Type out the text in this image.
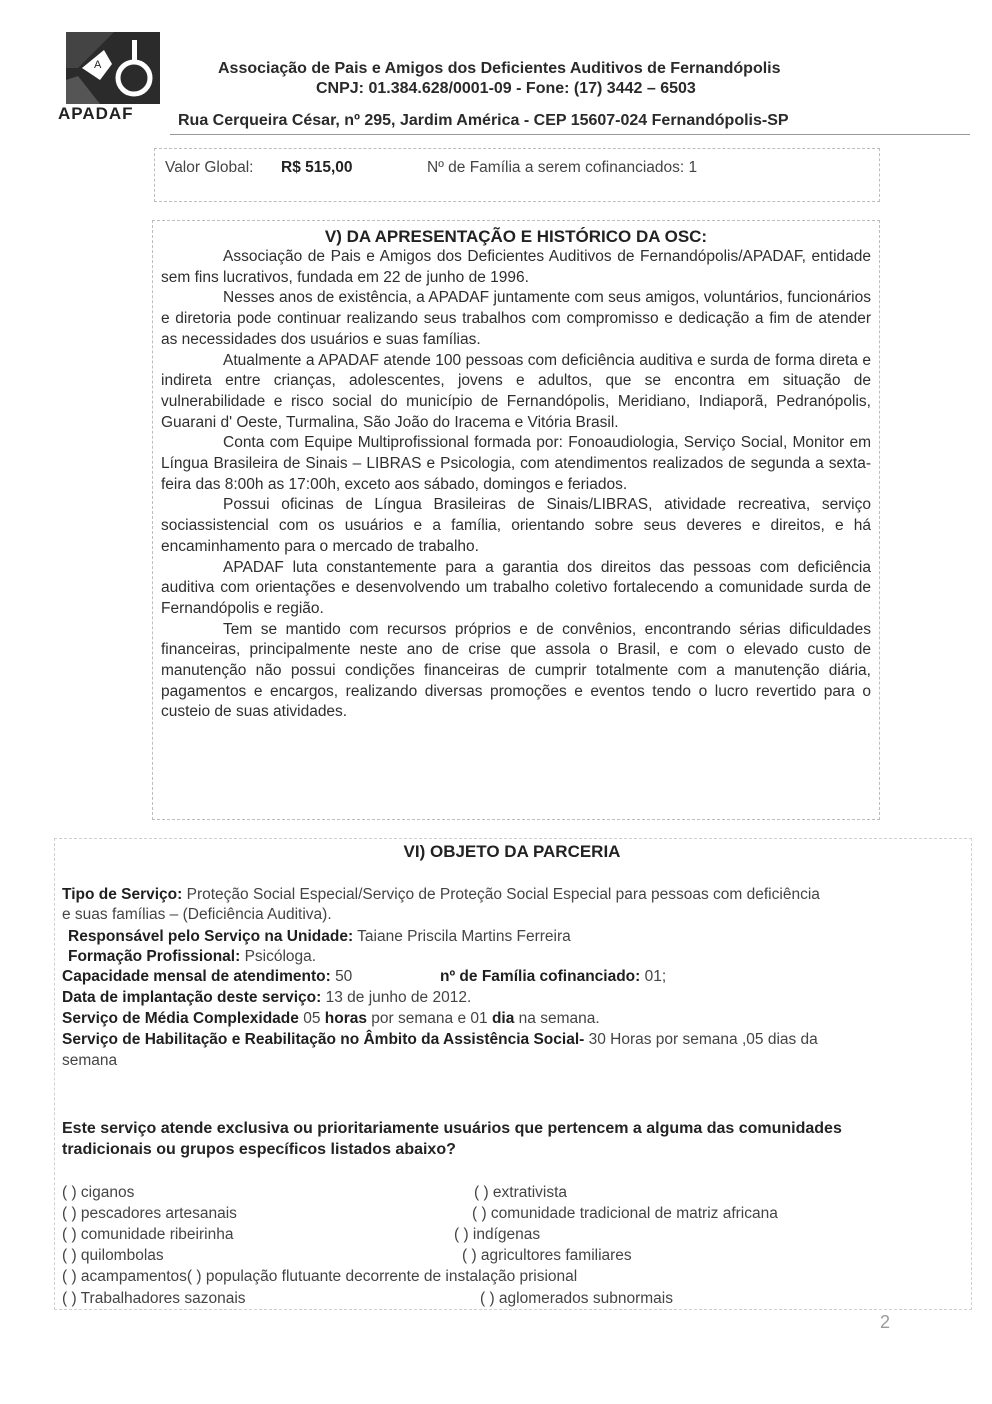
A
APADAF
Associação de Pais e Amigos dos Deficientes Auditivos de Fernandópolis
CNPJ: 01.384.628/0001-09 - Fone: (17) 3442 – 6503
Rua Cerqueira César, nº 295, Jardim América - CEP 15607-024 Fernandópolis-SP
Valor Global: R$ 515,00	Nº de Família a serem cofinanciados: 1
V) DA APRESENTAÇÃO E HISTÓRICO DA OSC:

Associação de Pais e Amigos dos Deficientes Auditivos de Fernandópolis/APADAF, entidade sem fins lucrativos, fundada em 22 de junho de 1996.

Nesses anos de existência, a APADAF juntamente com seus amigos, voluntários, funcionários e diretoria pode continuar realizando seus trabalhos com compromisso e dedicação a fim de atender as necessidades dos usuários e suas famílias.

Atualmente a APADAF atende 100 pessoas com deficiência auditiva e surda de forma direta e indireta entre crianças, adolescentes, jovens e adultos, que se encontra em situação de vulnerabilidade e risco social do município de Fernandópolis, Meridiano, Indiaporã, Pedranópolis, Guarani d' Oeste, Turmalina, São João do Iracema e Vitória Brasil.

Conta com Equipe Multiprofissional formada por: Fonoaudiologia, Serviço Social, Monitor em Língua Brasileira de Sinais – LIBRAS e Psicologia, com atendimentos realizados de segunda a sexta-feira das 8:00h as 17:00h, exceto aos sábado, domingos e feriados.

Possui oficinas de Língua Brasileiras de Sinais/LIBRAS, atividade recreativa, serviço sociassistencial com os usuários e a família, orientando sobre seus deveres e direitos, e há encaminhamento para o mercado de trabalho.

APADAF luta constantemente para a garantia dos direitos das pessoas com deficiência auditiva com orientações e desenvolvendo um trabalho coletivo fortalecendo a comunidade surda de Fernandópolis e região.

Tem se mantido com recursos próprios e de convênios, encontrando sérias dificuldades financeiras, principalmente neste ano de crise que assola o Brasil, e com o elevado custo de manutenção não possui condições financeiras de cumprir totalmente com a manutenção diária, pagamentos e encargos, realizando diversas promoções e eventos tendo o lucro revertido para o custeio de suas atividades.

VI) OBJETO DA PARCERIA
Tipo de Serviço: Proteção Social Especial/Serviço de Proteção Social Especial para pessoas com deficiência
e suas famílias – (Deficiência Auditiva).
Responsável pelo Serviço na Unidade: Taiane Priscila Martins Ferreira
Formação Profissional: Psicóloga.
Capacidade mensal de atendimento: 50	nº de Família cofinanciado: 01;
Data de implantação deste serviço: 13 de junho de 2012.
Serviço de Média Complexidade 05 horas por semana e 01 dia na semana.
Serviço de Habilitação e Reabilitação no Âmbito da Assistência Social- 30 Horas por semana ,05 dias da
semana
Este serviço atende exclusiva ou prioritariamente usuários que pertencem a alguma das comunidades
tradicionais ou grupos específicos listados abaixo?
( ) ciganos
( ) pescadores artesanais
( ) comunidade ribeirinha
( ) quilombolas
( ) acampamentos( ) população flutuante decorrente de instalação prisional
( ) Trabalhadores sazonais
( ) extrativista
( ) comunidade tradicional de matriz africana
( ) indígenas
( ) agricultores familiares
( ) aglomerados subnormais
2
